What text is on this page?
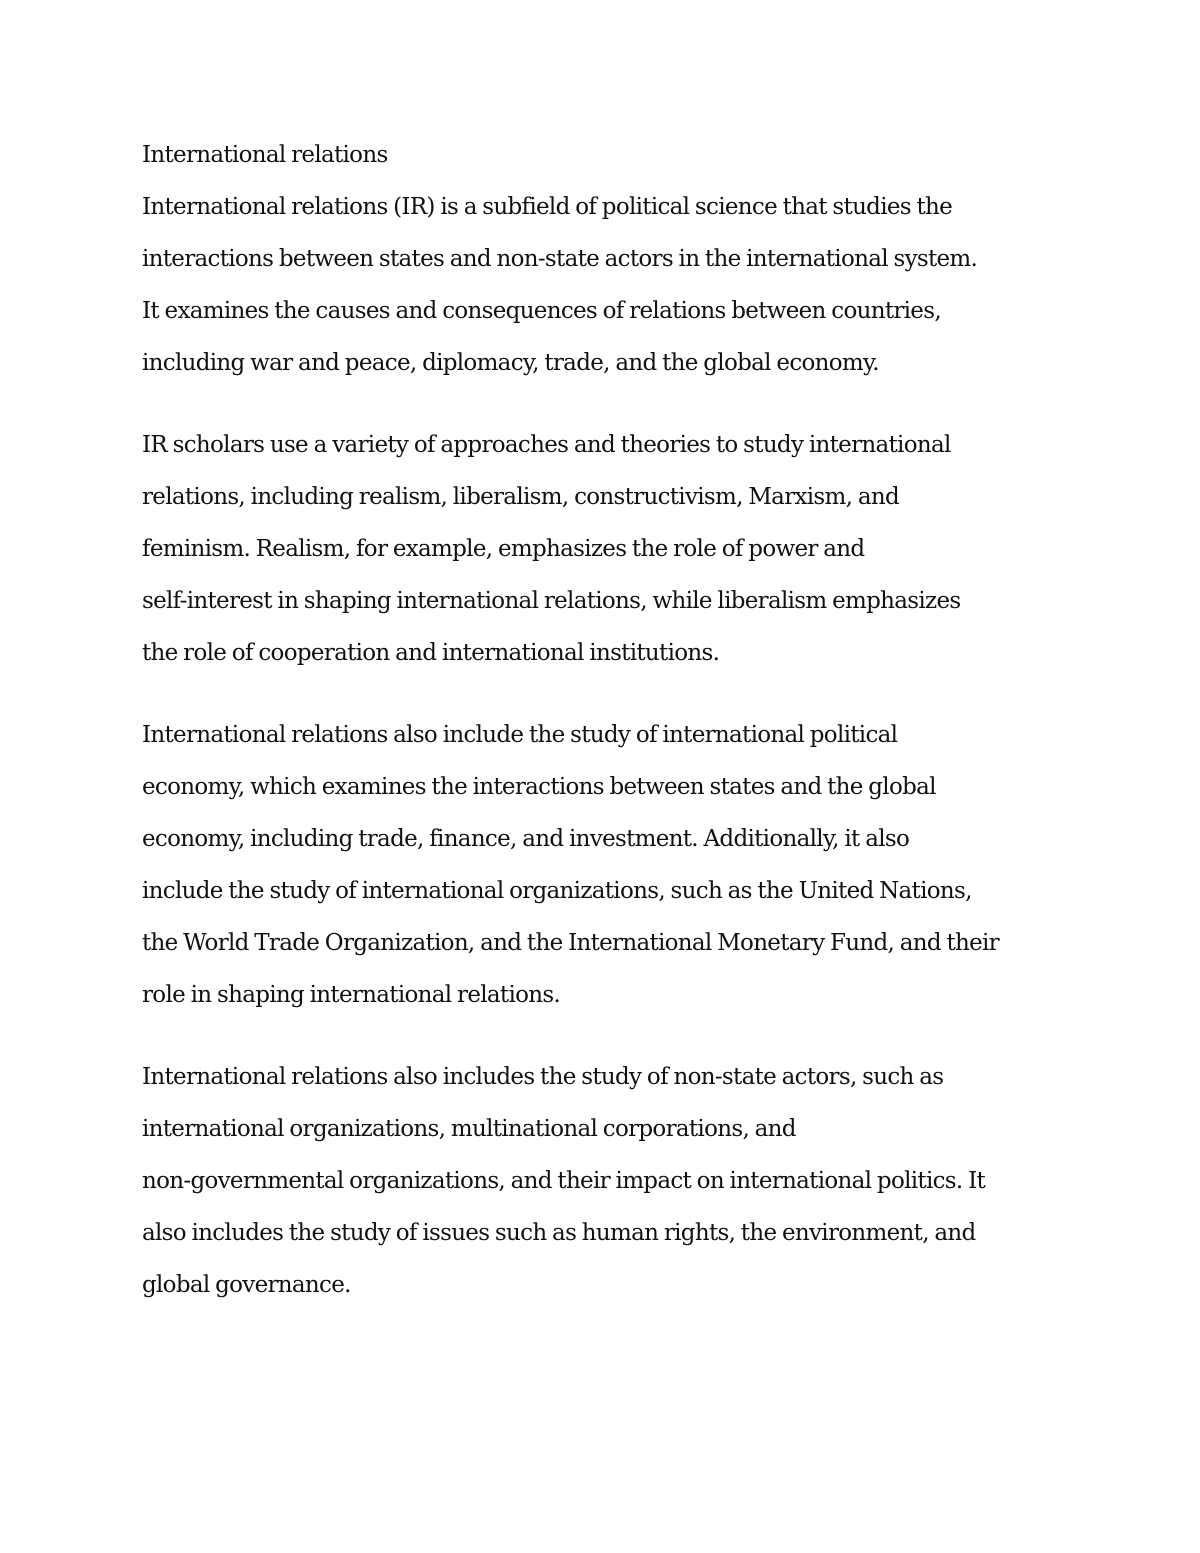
International relations
International relations (IR) is a subfield of political science that studies the
interactions between states and non-state actors in the international system.
It examines the causes and consequences of relations between countries,
including war and peace, diplomacy, trade, and the global economy.
IR scholars use a variety of approaches and theories to study international
relations, including realism, liberalism, constructivism, Marxism, and
feminism. Realism, for example, emphasizes the role of power and
self-interest in shaping international relations, while liberalism emphasizes
the role of cooperation and international institutions.
International relations also include the study of international political
economy, which examines the interactions between states and the global
economy, including trade, finance, and investment. Additionally, it also
include the study of international organizations, such as the United Nations,
the World Trade Organization, and the International Monetary Fund, and their
role in shaping international relations.
International relations also includes the study of non-state actors, such as
international organizations, multinational corporations, and
non-governmental organizations, and their impact on international politics. It
also includes the study of issues such as human rights, the environment, and
global governance.
